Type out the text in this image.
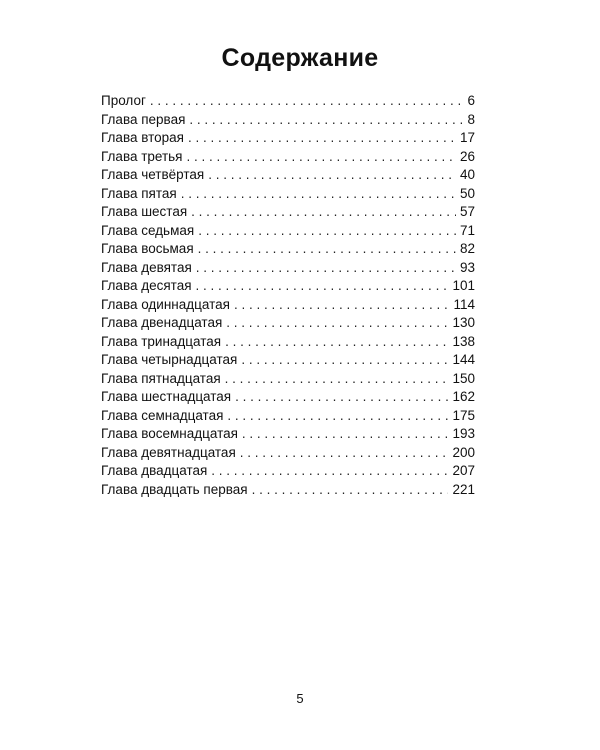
Содержание
Пролог . . .	6
Глава первая . . .	8
Глава вторая . . .	17
Глава третья . . .	26
Глава четвёртая . . .	40
Глава пятая . . .	50
Глава шестая . . .	57
Глава седьмая . . .	71
Глава восьмая . . .	82
Глава девятая . . .	93
Глава десятая . . .	101
Глава одиннадцатая . . .	114
Глава двенадцатая . . .	130
Глава тринадцатая . . .	138
Глава четырнадцатая . . .	144
Глава пятнадцатая . . .	150
Глава шестнадцатая . . .	162
Глава семнадцатая . . .	175
Глава восемнадцатая . . .	193
Глава девятнадцатая . . .	200
Глава двадцатая . . .	207
Глава двадцать первая . . .	221
5
